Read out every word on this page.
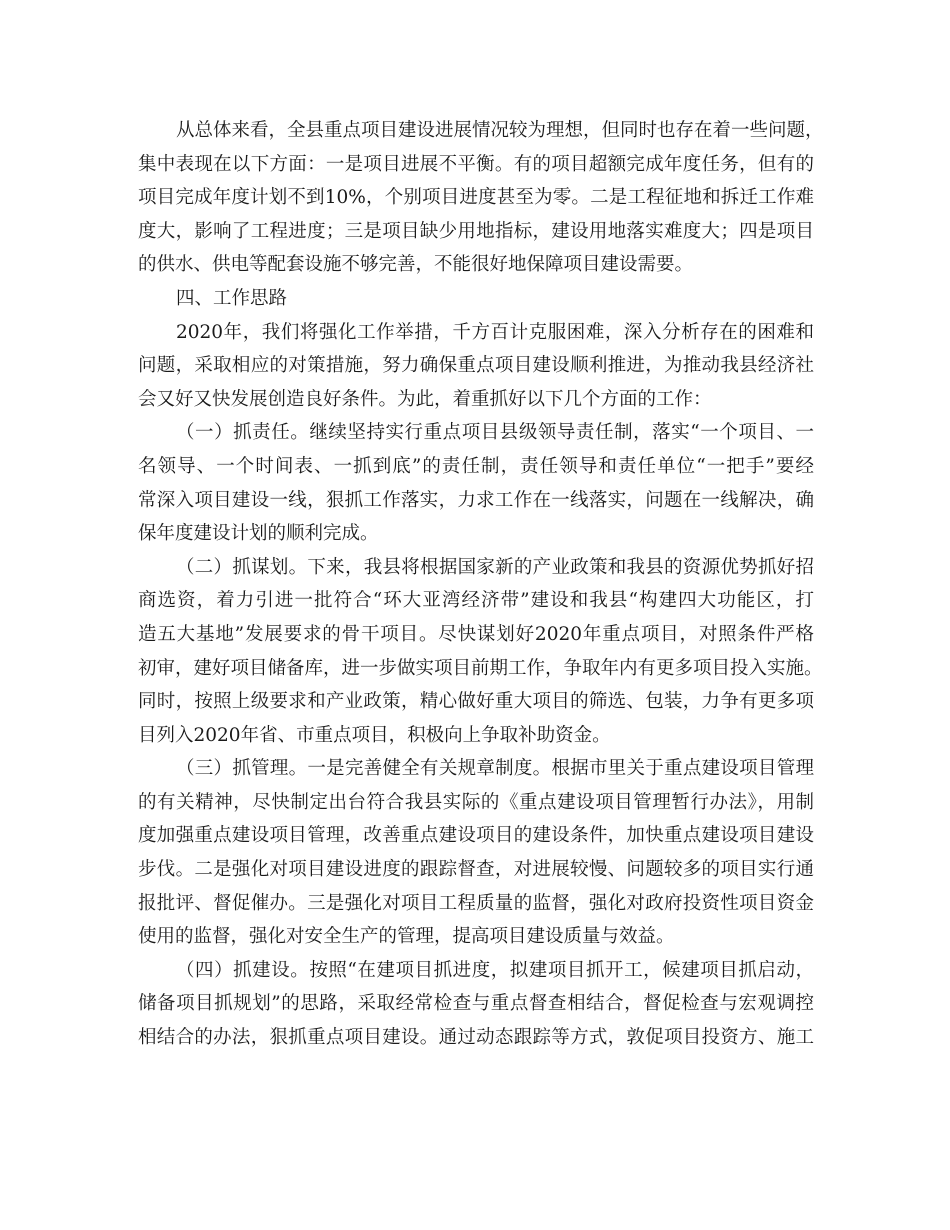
从总体来看，全县重点项目建设进展情况较为理想，但同时也存在着一些问题，
集中表现在以下方面：一是项目进展不平衡。有的项目超额完成年度任务，但有的
项目完成年度计划不到10%，个别项目进度甚至为零。二是工程征地和拆迁工作难
度大，影响了工程进度；三是项目缺少用地指标，建设用地落实难度大；四是项目
的供水、供电等配套设施不够完善，不能很好地保障项目建设需要。
四、工作思路
2020年，我们将强化工作举措，千方百计克服困难，深入分析存在的困难和
问题，采取相应的对策措施，努力确保重点项目建设顺利推进，为推动我县经济社
会又好又快发展创造良好条件。为此，着重抓好以下几个方面的工作：
（一）抓责任。继续坚持实行重点项目县级领导责任制，落实“一个项目、一
名领导、一个时间表、一抓到底”的责任制，责任领导和责任单位“一把手”要经
常深入项目建设一线，狠抓工作落实，力求工作在一线落实，问题在一线解决，确
保年度建设计划的顺利完成。
（二）抓谋划。下来，我县将根据国家新的产业政策和我县的资源优势抓好招
商选资，着力引进一批符合“环大亚湾经济带”建设和我县“构建四大功能区，打
造五大基地”发展要求的骨干项目。尽快谋划好2020年重点项目，对照条件严格
初审，建好项目储备库，进一步做实项目前期工作，争取年内有更多项目投入实施。
同时，按照上级要求和产业政策，精心做好重大项目的筛选、包装，力争有更多项
目列入2020年省、市重点项目，积极向上争取补助资金。
（三）抓管理。一是完善健全有关规章制度。根据市里关于重点建设项目管理
的有关精神，尽快制定出台符合我县实际的《重点建设项目管理暂行办法》，用制
度加强重点建设项目管理，改善重点建设项目的建设条件，加快重点建设项目建设
步伐。二是强化对项目建设进度的跟踪督查，对进展较慢、问题较多的项目实行通
报批评、督促催办。三是强化对项目工程质量的监督，强化对政府投资性项目资金
使用的监督，强化对安全生产的管理，提高项目建设质量与效益。
（四）抓建设。按照“在建项目抓进度，拟建项目抓开工，候建项目抓启动，
储备项目抓规划”的思路，采取经常检查与重点督查相结合，督促检查与宏观调控
相结合的办法，狠抓重点项目建设。通过动态跟踪等方式，敦促项目投资方、施工
